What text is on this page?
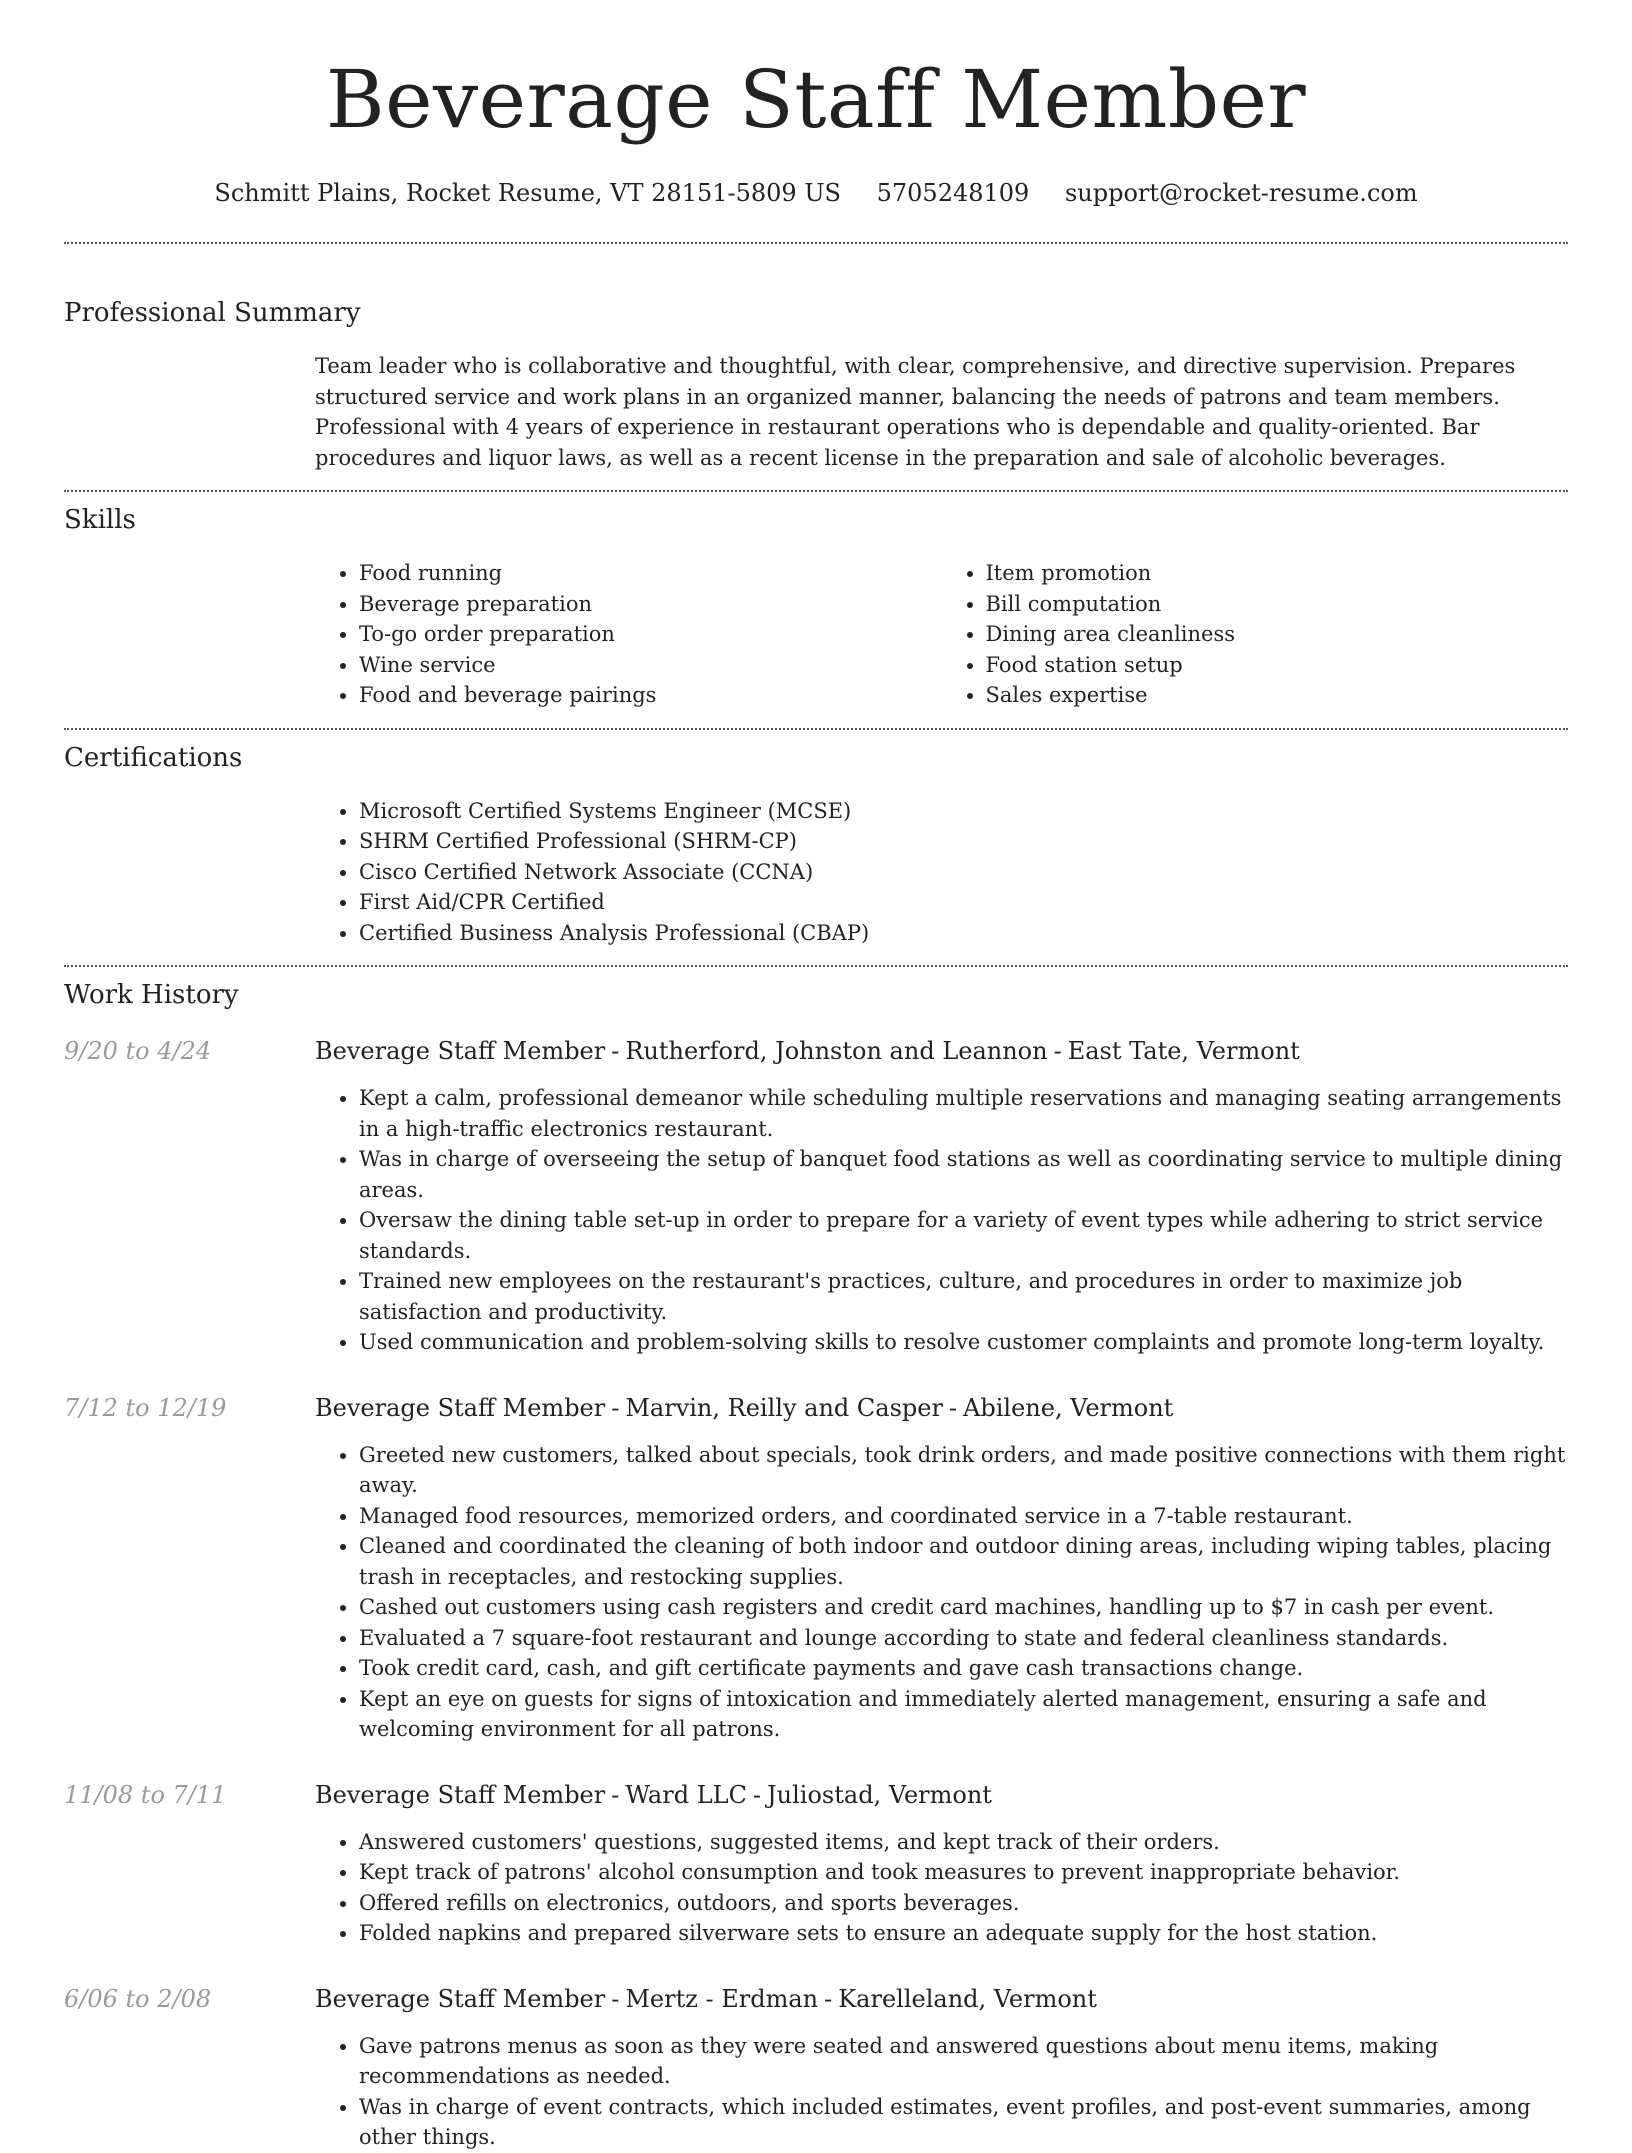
Beverage Staff Member
Schmitt Plains, Rocket Resume, VT 28151-5809 US 5705248109 support@rocket-resume.com
Professional Summary

Team leader who is collaborative and thoughtful, with clear, comprehensive, and directive supervision. Prepares structured service and work plans in an organized manner, balancing the needs of patrons and team members. Professional with 4 years of experience in restaurant operations who is dependable and quality-oriented. Bar procedures and liquor laws, as well as a recent license in the preparation and sale of alcoholic beverages.

Skills
• Food running
• Beverage preparation
• To-go order preparation
• Wine service
• Food and beverage pairings
• Item promotion
• Bill computation
• Dining area cleanliness
• Food station setup
• Sales expertise
Certifications
• Microsoft Certified Systems Engineer (MCSE)
• SHRM Certified Professional (SHRM-CP)
• Cisco Certified Network Associate (CCNA)
• First Aid/CPR Certified
• Certified Business Analysis Professional (CBAP)
Work History
9/20 to 4/24	Beverage Staff Member - Rutherford, Johnston and Leannon - East Tate, Vermont
• Kept a calm, professional demeanor while scheduling multiple reservations and managing seating arrangements in a high-traffic electronics restaurant.
• Was in charge of overseeing the setup of banquet food stations as well as coordinating service to multiple dining areas.
• Oversaw the dining table set-up in order to prepare for a variety of event types while adhering to strict service standards.
• Trained new employees on the restaurant's practices, culture, and procedures in order to maximize job satisfaction and productivity.
• Used communication and problem-solving skills to resolve customer complaints and promote long-term loyalty.
7/12 to 12/19	Beverage Staff Member - Marvin, Reilly and Casper - Abilene, Vermont
• Greeted new customers, talked about specials, took drink orders, and made positive connections with them right away.
• Managed food resources, memorized orders, and coordinated service in a 7-table restaurant.
• Cleaned and coordinated the cleaning of both indoor and outdoor dining areas, including wiping tables, placing trash in receptacles, and restocking supplies.
• Cashed out customers using cash registers and credit card machines, handling up to $7 in cash per event.
• Evaluated a 7 square-foot restaurant and lounge according to state and federal cleanliness standards.
• Took credit card, cash, and gift certificate payments and gave cash transactions change.
• Kept an eye on guests for signs of intoxication and immediately alerted management, ensuring a safe and welcoming environment for all patrons.
11/08 to 7/11	Beverage Staff Member - Ward LLC - Juliostad, Vermont
• Answered customers' questions, suggested items, and kept track of their orders.
• Kept track of patrons' alcohol consumption and took measures to prevent inappropriate behavior.
• Offered refills on electronics, outdoors, and sports beverages.
• Folded napkins and prepared silverware sets to ensure an adequate supply for the host station.
6/06 to 2/08	Beverage Staff Member - Mertz - Erdman - Karelleland, Vermont
• Gave patrons menus as soon as they were seated and answered questions about menu items, making recommendations as needed.
• Was in charge of event contracts, which included estimates, event profiles, and post-event summaries, among other things.
